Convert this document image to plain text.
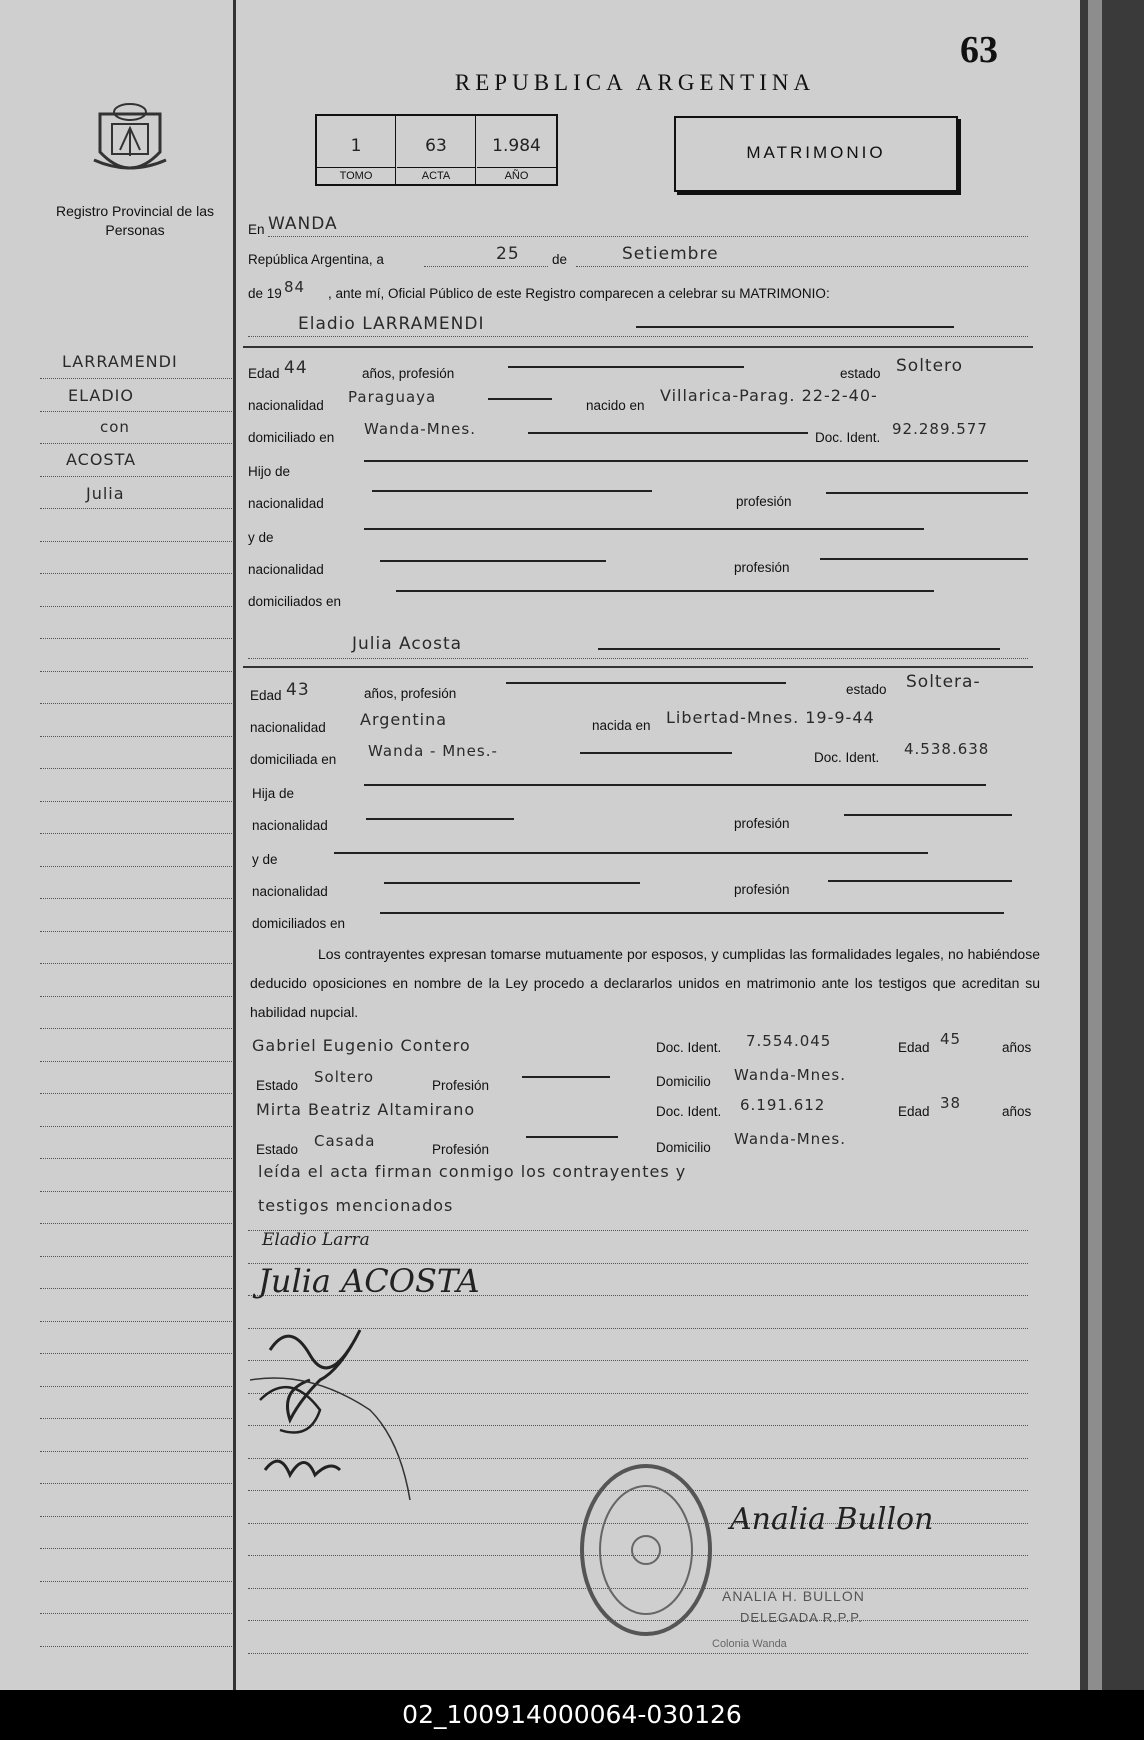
63
REPUBLICA ARGENTINA
Registro Provincial de las Personas
1
TOMO
63
ACTA
1.984
AÑO
MATRIMONIO
LARRAMENDI
ELADIO
con
ACOSTA
Julia
En WANDA
República Argentina, a	25 de	Setiembre
de 19 84 , ante mí, Oficial Público de este Registro comparecen a celebrar su MATRIMONIO:
Eladio LARRAMENDI
Edad 44	años, profesión	estado Soltero
nacionalidad Paraguaya	nacido en
Villarica-Parag. 22-2-40-
domiciliado en Wanda-Mnes.	Doc. Ident. 92.289.577
Hijo de
nacionalidad	profesión
y de
nacionalidad	profesión
domiciliados en
Julia Acosta
Edad 43	años, profesión	estado Soltera-
nacionalidad Argentina	nacida en Libertad-Mnes. 19-9-44
domiciliada en Wanda - Mnes.-	Doc. Ident. 4.538.638
Hija de
nacionalidad	profesión
y de
nacionalidad	profesión
domiciliados en
Los contrayentes expresan tomarse mutuamente por esposos, y cumplidas las formalidades legales, no habiéndose deducido oposiciones en nombre de la Ley procedo a declararlos unidos en matrimonio ante los testigos que acreditan su habilidad nupcial.
Gabriel Eugenio Contero	Doc. Ident. 7.554.045	Edad 45	años
Estado Soltero	Profesión	Domicilio Wanda-Mnes.
Mirta Beatriz Altamirano	Doc. Ident. 6.191.612	Edad 38	años
Estado Casada	Profesión	Domicilio Wanda-Mnes.
leída el acta firman conmigo los contrayentes y
testigos mencionados
Eladio Larra
Julia ACOSTA
Analia Bullon
ANALIA H. BULLON
DELEGADA R.P.P.
Colonia Wanda
02_100914000064-030126
